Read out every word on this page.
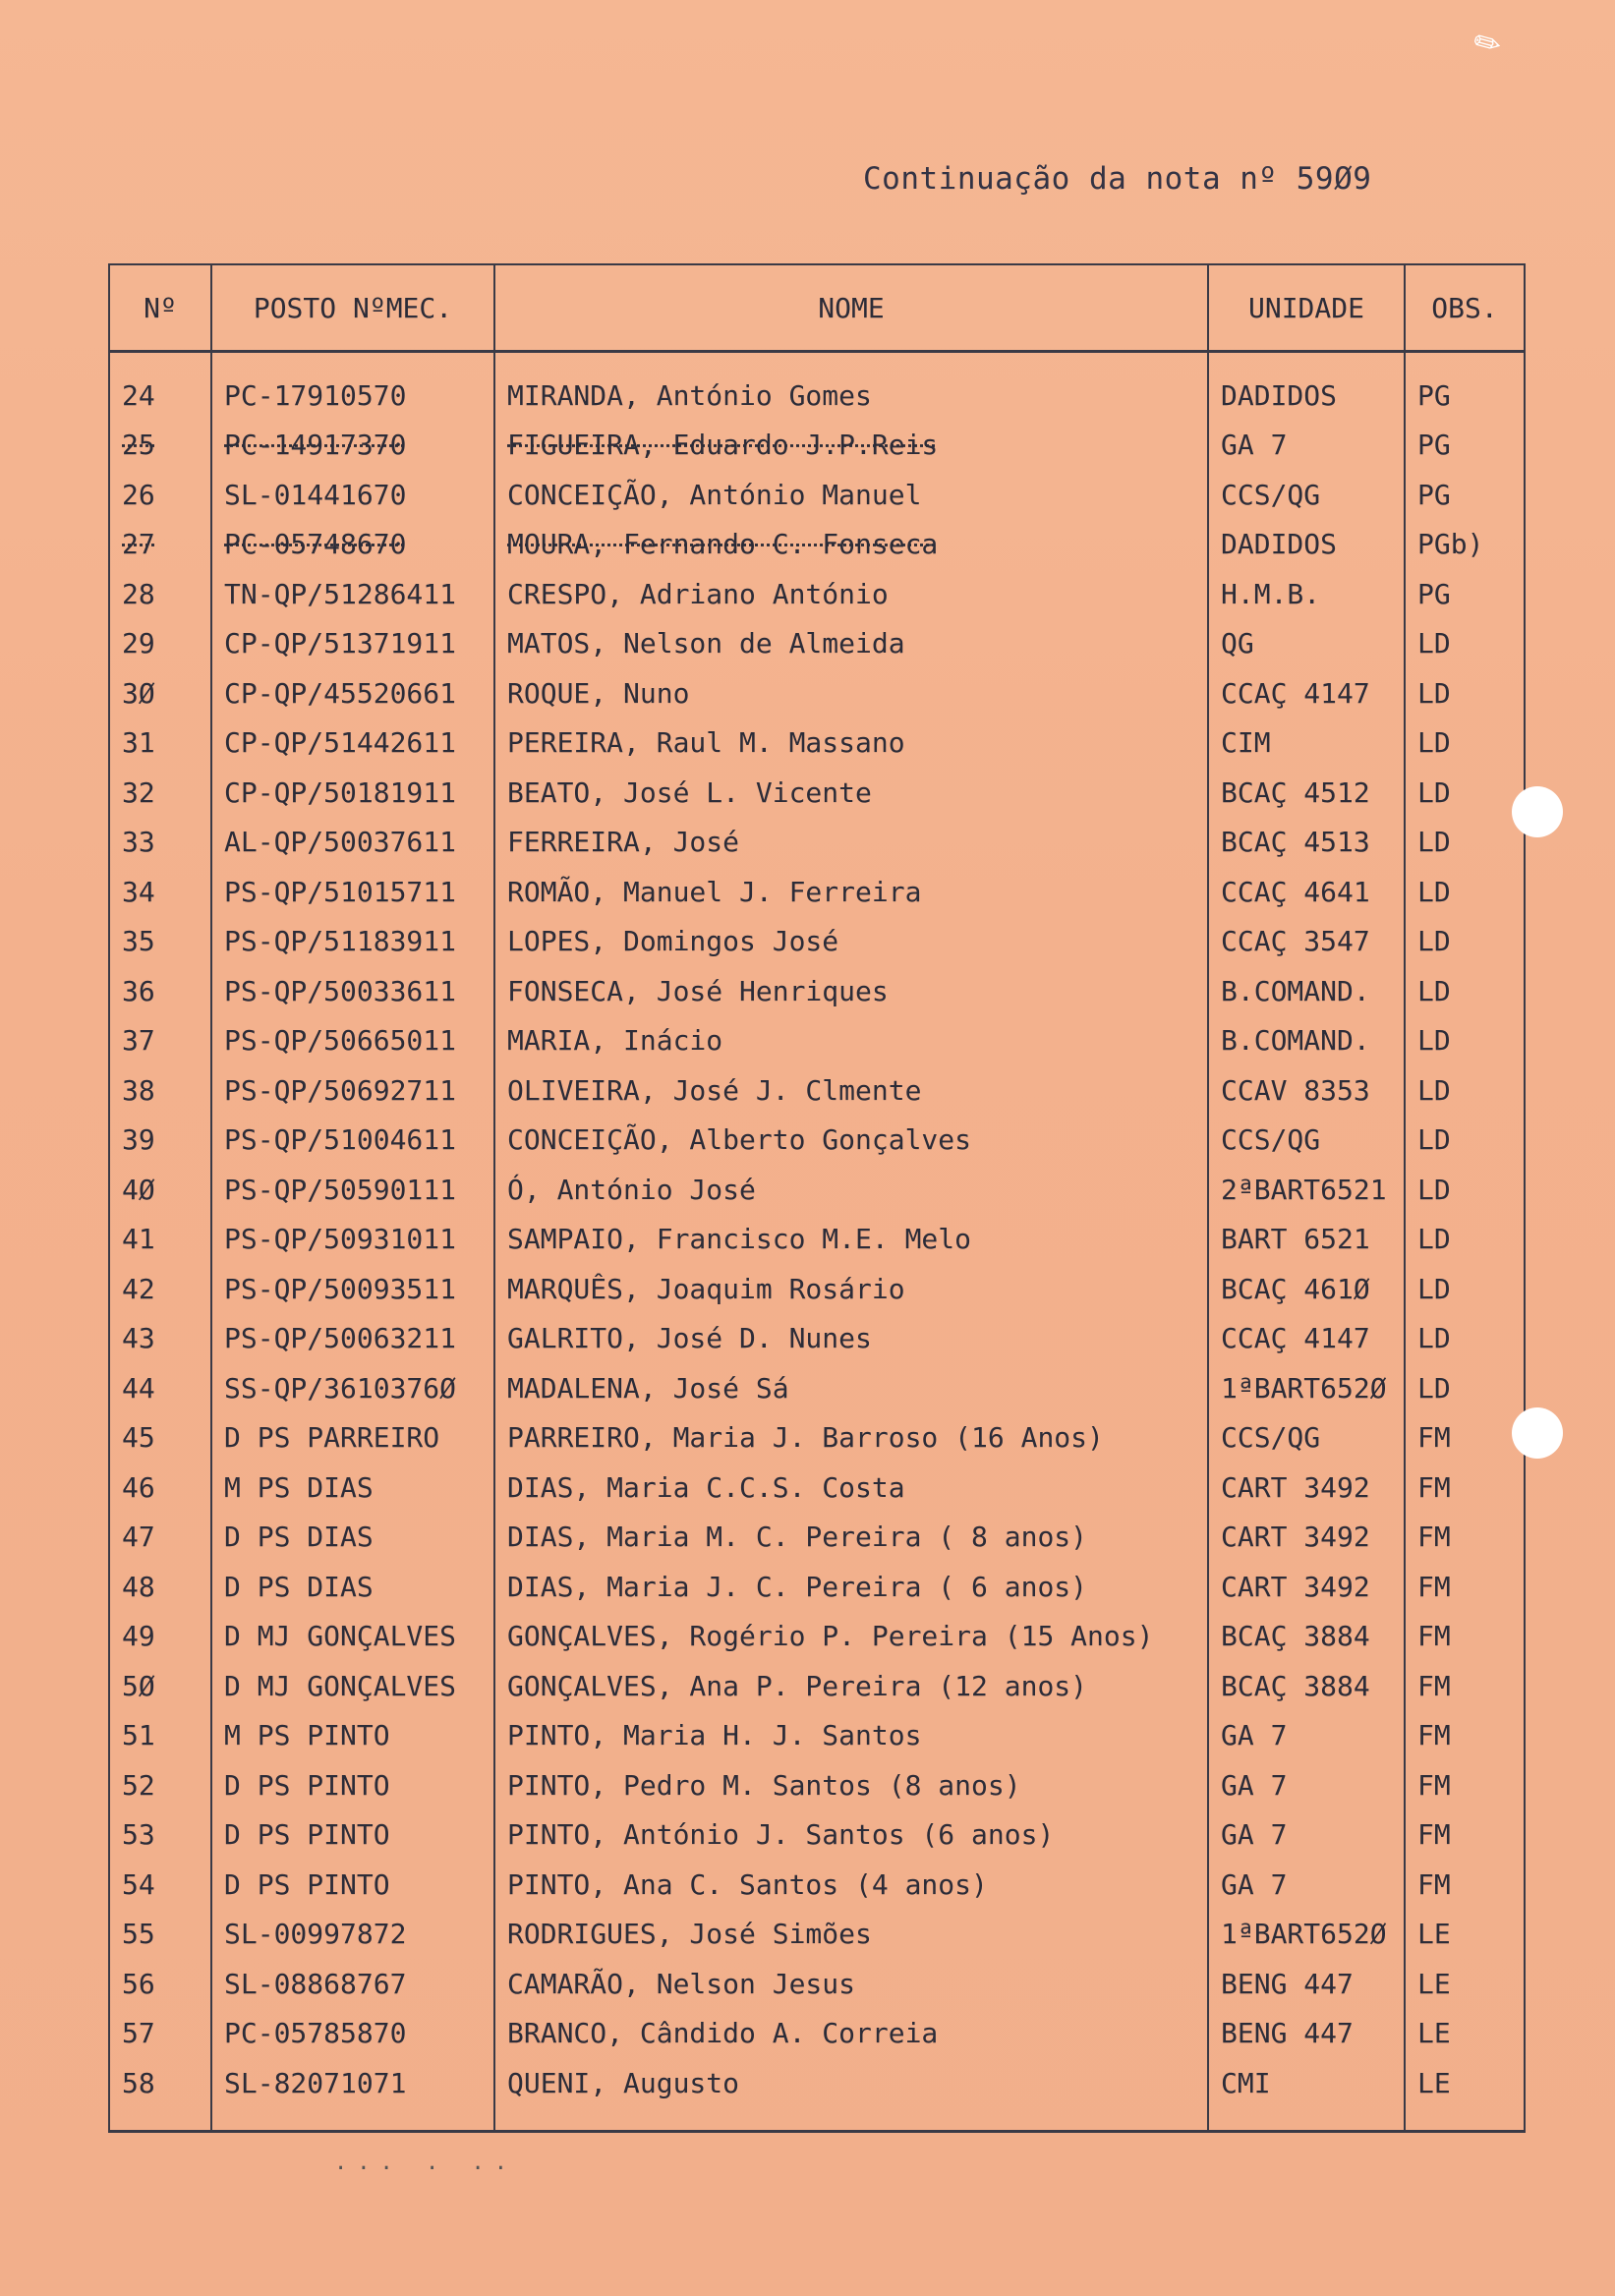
✎
Continuação da nota nº 59Ø9
Nº	POSTO NºMEC.	NOME	UNIDADE	OBS.
24	PC-17910570	MIRANDA, António Gomes	DADIDOS	PG
25	PC-14917370	FIGUEIRA, Eduardo J.P.Reis	GA 7	PG
26	SL-01441670	CONCEIÇÃO, António Manuel	CCS/QG	PG
27	PC-05748670	MOURA, Fernando C. Fonseca	DADIDOS	PGb)
28	TN-QP/51286411	CRESPO, Adriano António	H.M.B.	PG
29	CP-QP/51371911	MATOS, Nelson de Almeida	QG	LD
3Ø	CP-QP/45520661	ROQUE, Nuno	CCAÇ 4147	LD
31	CP-QP/51442611	PEREIRA, Raul M. Massano	CIM	LD
32	CP-QP/50181911	BEATO, José L. Vicente	BCAÇ 4512	LD
33	AL-QP/50037611	FERREIRA, José	BCAÇ 4513	LD
34	PS-QP/51015711	ROMÃO, Manuel J. Ferreira	CCAÇ 4641	LD
35	PS-QP/51183911	LOPES, Domingos José	CCAÇ 3547	LD
36	PS-QP/50033611	FONSECA, José Henriques	B.COMAND.	LD
37	PS-QP/50665011	MARIA, Inácio	B.COMAND.	LD
38	PS-QP/50692711	OLIVEIRA, José J. Clmente	CCAV 8353	LD
39	PS-QP/51004611	CONCEIÇÃO, Alberto Gonçalves	CCS/QG	LD
4Ø	PS-QP/50590111	Ó, António José	2ªBART6521	LD
41	PS-QP/50931011	SAMPAIO, Francisco M.E. Melo	BART 6521	LD
42	PS-QP/50093511	MARQUÊS, Joaquim Rosário	BCAÇ 461Ø	LD
43	PS-QP/50063211	GALRITO, José D. Nunes	CCAÇ 4147	LD
44	SS-QP/3610376Ø	MADALENA, José Sá	1ªBART652Ø	LD
45	D PS PARREIRO	PARREIRO, Maria J. Barroso (16 Anos)	CCS/QG	FM
46	M PS DIAS	DIAS, Maria C.C.S. Costa	CART 3492	FM
47	D PS DIAS	DIAS, Maria M. C. Pereira ( 8 anos)	CART 3492	FM
48	D PS DIAS	DIAS, Maria J. C. Pereira ( 6 anos)	CART 3492	FM
49	D MJ GONÇALVES	GONÇALVES, Rogério P. Pereira (15 Anos)	BCAÇ 3884	FM
5Ø	D MJ GONÇALVES	GONÇALVES, Ana P. Pereira (12 anos)	BCAÇ 3884	FM
51	M PS PINTO	PINTO, Maria H. J. Santos	GA 7	FM
52	D PS PINTO	PINTO, Pedro M. Santos (8 anos)	GA 7	FM
53	D PS PINTO	PINTO, António J. Santos (6 anos)	GA 7	FM
54	D PS PINTO	PINTO, Ana C. Santos (4 anos)	GA 7	FM
55	SL-00997872	RODRIGUES, José Simões	1ªBART652Ø	LE
56	SL-08868767	CAMARÃO, Nelson Jesus	BENG 447	LE
57	PC-05785870	BRANCO, Cândido A. Correia	BENG 447	LE
58	SL-82071071	QUENI, Augusto	CMI	LE
... . ..
